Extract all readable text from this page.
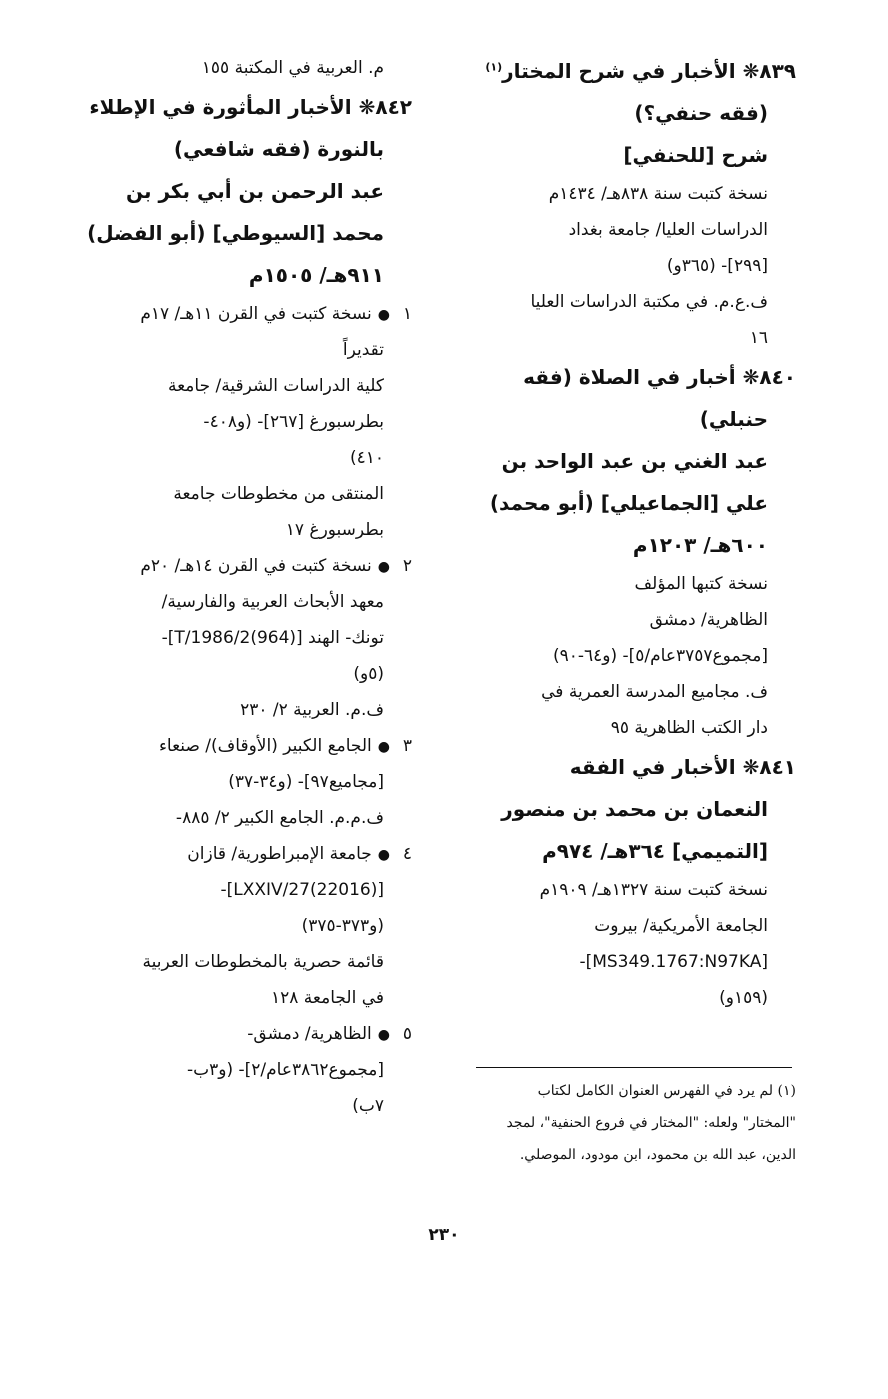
٨٣٩❋ الأخبار في شرح المختار$^{(١)}$
(فقه حنفي؟)
شرح [للحنفي]
نسخة كتبت سنة ٨٣٨هـ/ ١٤٣٤م
الدراسات العليا/ جامعة بغداد
[٢٩٩]- (٣٦٥و)
ف.ع.م. في مكتبة الدراسات العليا
١٦
٨٤٠❋ أخبار في الصلاة (فقه
حنبلي)
عبد الغني بن عبد الواحد بن
علي [الجماعيلي] (أبو محمد)
٦٠٠هـ/ ١٢٠٣م
نسخة كتبها المؤلف
الظاهرية/ دمشق
[مجموع٣٧٥٧عام/٥]- (و٦٤-٩٠)
ف. مجاميع المدرسة العمرية في
دار الكتب الظاهرية ٩٥
٨٤١❋ الأخبار في الفقه
النعمان بن محمد بن منصور
[التميمي] ٣٦٤هـ/ ٩٧٤م
نسخة كتبت سنة ١٣٢٧هـ/ ١٩٠٩م
الجامعة الأمريكية/ بيروت
[MS349.1767:N97KA]-
(١٥٩و)
م. العربية في المكتبة ١٥٥
٨٤٢❋ الأخبار المأثورة في الإطلاء
بالنورة (فقه شافعي)
عبد الرحمن بن أبي بكر بن
محمد [السيوطي] (أبو الفضل)
٩١١هـ/ ١٥٠٥م
١●نسخة كتبت في القرن ١١هـ/ ١٧م
تقديراً
كلية الدراسات الشرقية/ جامعة
بطرسبورغ [٢٦٧]- (و٤٠٨-
٤١٠)
المنتقى من مخطوطات جامعة
بطرسبورغ ١٧
٢●نسخة كتبت في القرن ١٤هـ/ ٢٠م
معهد الأبحاث العربية والفارسية/
تونك- الهند [T/1986/2(964)]-
(٥و)
ف.م. العربية ٢/ ٢٣٠
٣●الجامع الكبير (الأوقاف)/ صنعاء
[مجاميع٩٧]- (و٣٤-٣٧)
ف.م.م. الجامع الكبير ٢/ ٨٨٥-
٤●جامعة الإمبراطورية/ قازان
[LXXIV/27(22016)]-
(و٣٧٣-٣٧٥)
قائمة حصرية بالمخطوطات العربية
في الجامعة ١٢٨
٥●الظاهرية/ دمشق-
[مجموع٣٨٦٢عام/٢]- (و٣ب-
٧ب)
(١) لم يرد في الفهرس العنوان الكامل لكتاب
"المختار" ولعله: "المختار في فروع الحنفية"، لمجد
الدين، عبد الله بن محمود، ابن مودود، الموصلي.
٢٣٠
